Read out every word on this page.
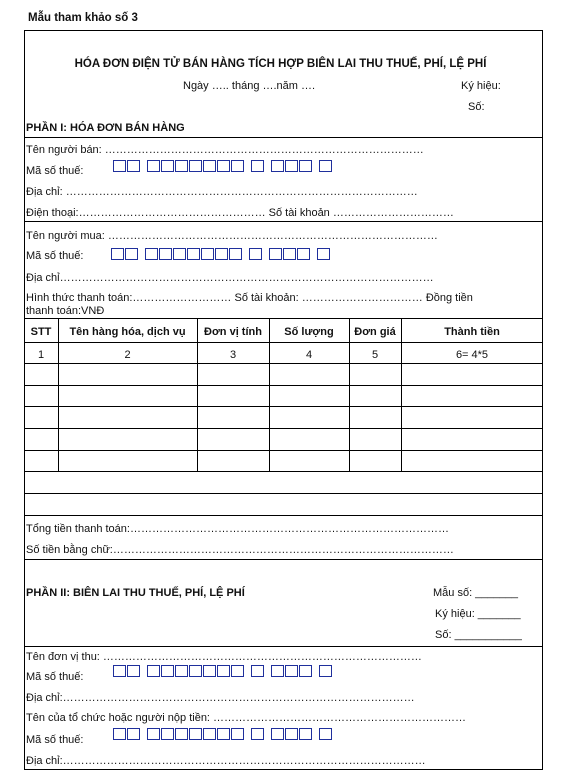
Mẫu tham khảo số 3
HÓA ĐƠN ĐIỆN TỬ BÁN HÀNG TÍCH HỢP BIÊN LAI THU THUẾ, PHÍ, LỆ PHÍ
Ngày ….. tháng ….năm ….	Ký hiệu:
Số:
PHẦN I: HÓA ĐƠN BÁN HÀNG
Tên người bán: ……………………………………………………………………………
Mã số thuế:
Địa chỉ: ……………………………………………………………………………………
Điện thoại:…………………………………………… Số tài khoản ……………………………
Tên người mua: ………………………………………………………………………………
Mã số thuế:
Địa chỉ…………………………………………………………………………………………
Hình thức thanh toán:……………………… Số tài khoản: …………………………… Đồng tiền
thanh toán:VNĐ
STT	Tên hàng hóa, dịch vụ	Đơn vị tính	Số lượng	Đơn giá	Thành tiền
1	2	3	4	5	6= 4*5
Tổng tiền thanh toán:……………………………………………………………………………
Số tiền bằng chữ:…………………………………………………………………………………
PHẦN II: BIÊN LAI THU THUẾ, PHÍ, LỆ PHÍ	Mẫu số: _______
Ký hiệu: _______
Số: ___________
Tên đơn vị thu: ……………………………………………………………………………
Mã số thuế:
Địa chỉ:……………………………………………………………………………………
Tên của tổ chức hoặc người nộp tiền: ……………………………………………………………
Mã số thuế:
Địa chỉ:………………………………………………………………………………………
